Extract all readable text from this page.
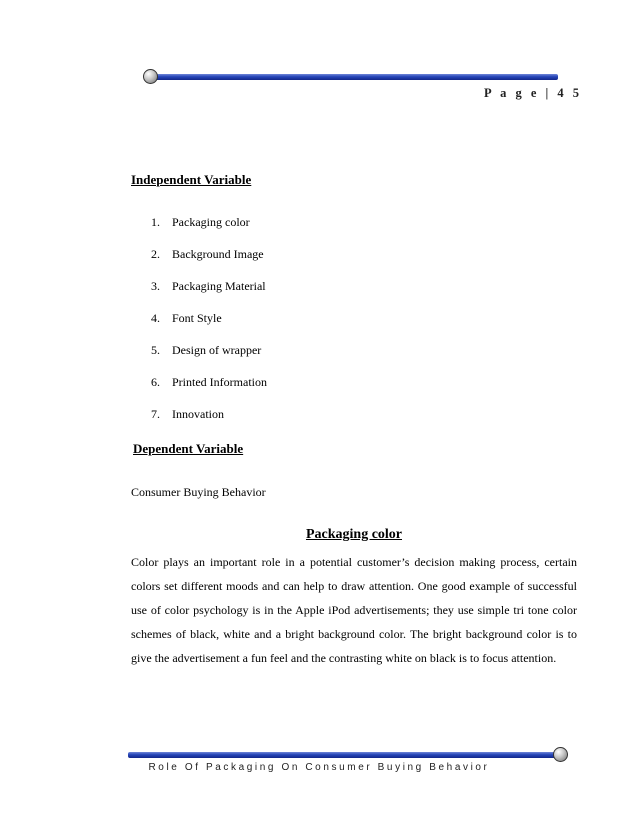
P a g e | 4 5
Independent Variable
1. Packaging color
2. Background Image
3. Packaging Material
4. Font Style
5. Design of wrapper
6. Printed Information
7. Innovation
Dependent Variable
Consumer Buying Behavior
Packaging color

Color plays an important role in a potential customer’s decision making process, certain colors set different moods and can help to draw attention. One good example of successful use of color psychology is in the Apple iPod advertisements; they use simple tri tone color schemes of black, white and a bright background color. The bright background color is to give the advertisement a fun feel and the contrasting white on black is to focus attention.

Role Of Packaging On Consumer Buying Behavior
